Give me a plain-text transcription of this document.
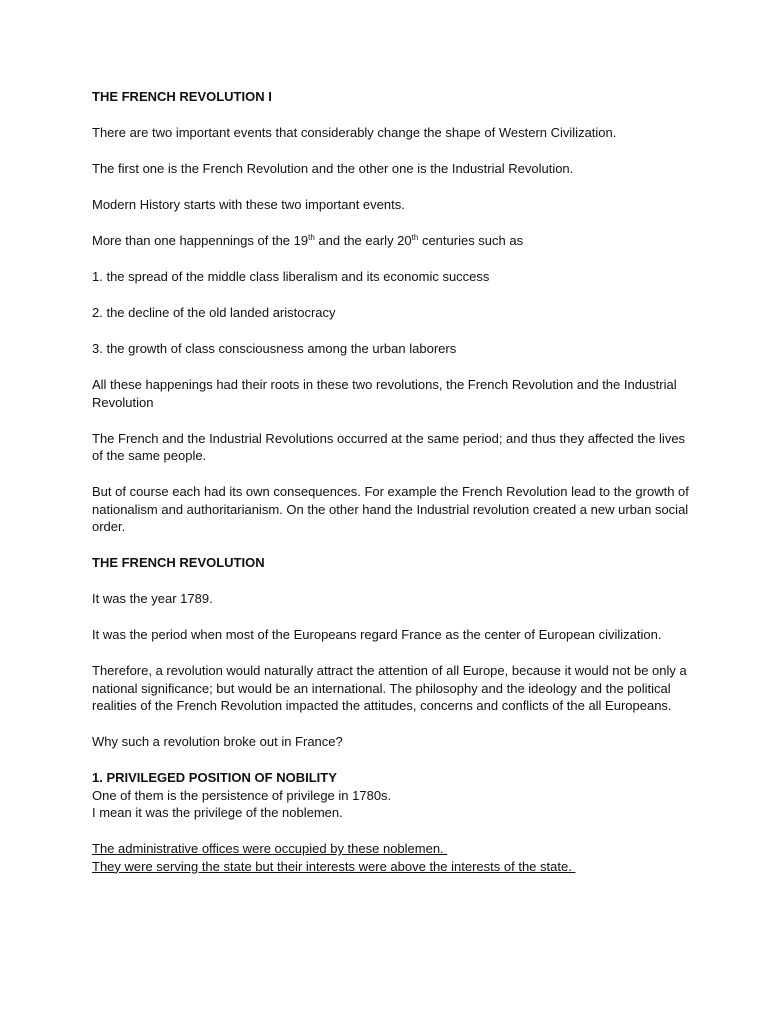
THE FRENCH REVOLUTION I
There are two important events that considerably change the shape of Western Civilization.
The first one is the French Revolution and the other one is the Industrial Revolution.
Modern History starts with these two important events.
More than one happennings of the 19th and the early 20th centuries such as
1. the spread of the middle class liberalism and its economic success
2. the decline of the old landed aristocracy
3. the growth of class consciousness among the urban laborers
All these happenings had their roots in these two revolutions, the French Revolution and the Industrial Revolution
The French and the Industrial Revolutions occurred at the same period; and thus they affected the lives of the same people.
But of course each had its own consequences. For example the French Revolution lead to the growth of nationalism and authoritarianism. On the other hand the Industrial revolution created a new urban social order.
THE FRENCH REVOLUTION
It was the year 1789.
It was the period when most of the Europeans regard France as the center of European civilization.
Therefore, a revolution would naturally attract the attention of all Europe, because it would not be only a national significance; but would be an international. The philosophy and the ideology and the political realities of the French Revolution impacted the attitudes, concerns and conflicts of the all Europeans.
Why such a revolution broke out in France?
1. PRIVILEGED POSITION OF NOBILITY
One of them is the persistence of privilege in 1780s.
I mean it was the privilege of the noblemen.
The administrative offices were occupied by these noblemen.
They were serving the state but their interests were above the interests of the state.
